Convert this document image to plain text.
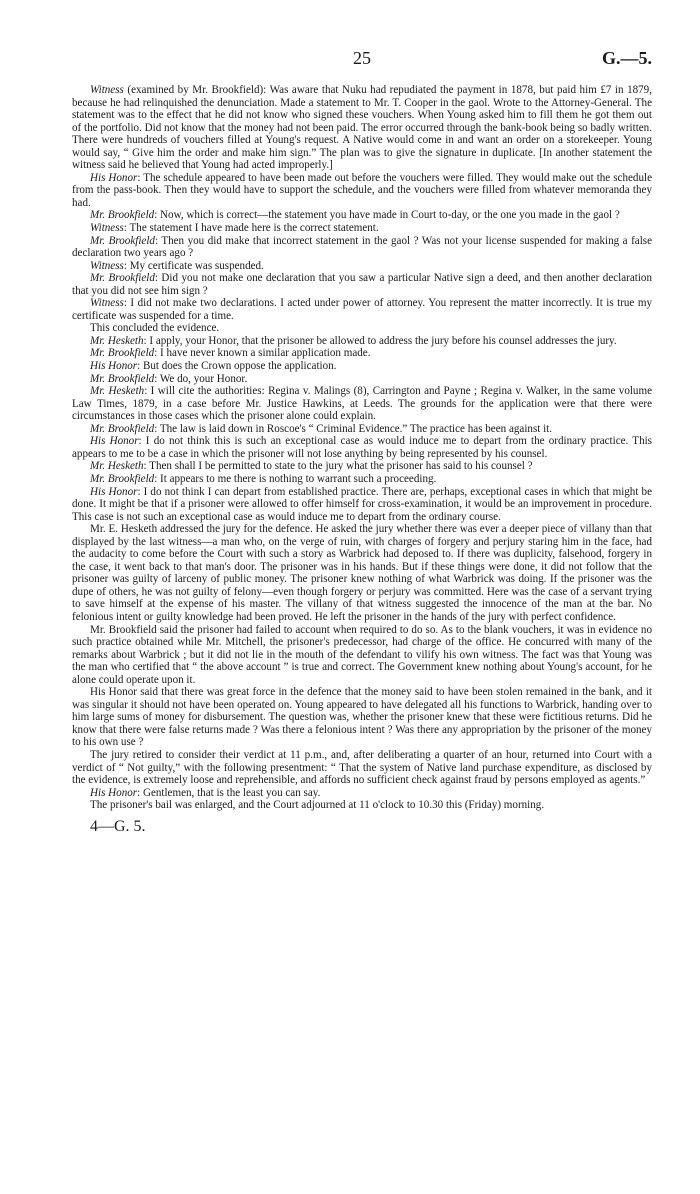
25	G.—5.

Witness (examined by Mr. Brookfield): Was aware that Nuku had repudiated the payment in 1878, but paid him £7 in 1879, because he had relinquished the denunciation. Made a statement to Mr. T. Cooper in the gaol. Wrote to the Attorney-General. The statement was to the effect that he did not know who signed these vouchers. When Young asked him to fill them he got them out of the portfolio. Did not know that the money had not been paid. The error occurred through the bank-book being so badly written. There were hundreds of vouchers filled at Young's request. A Native would come in and want an order on a storekeeper. Young would say, “ Give him the order and make him sign.” The plan was to give the signature in duplicate. [In another statement the witness said he believed that Young had acted improperly.]

His Honor: The schedule appeared to have been made out before the vouchers were filled. They would make out the schedule from the pass-book. Then they would have to support the schedule, and the vouchers were filled from whatever memoranda they had.

Mr. Brookfield: Now, which is correct—the statement you have made in Court to-day, or the one you made in the gaol ?

Witness: The statement I have made here is the correct statement.

Mr. Brookfield: Then you did make that incorrect statement in the gaol ? Was not your license suspended for making a false declaration two years ago ?

Witness: My certificate was suspended.

Mr. Brookfield: Did you not make one declaration that you saw a particular Native sign a deed, and then another declaration that you did not see him sign ?

Witness: I did not make two declarations. I acted under power of attorney. You represent the matter incorrectly. It is true my certificate was suspended for a time.

This concluded the evidence.

Mr. Hesketh: I apply, your Honor, that the prisoner be allowed to address the jury before his counsel addresses the jury.

Mr. Brookfield: I have never known a similar application made.

His Honor: But does the Crown oppose the application.

Mr. Brookfield: We do, your Honor.

Mr. Hesketh: I will cite the authorities: Regina v. Malings (8), Carrington and Payne ; Regina v. Walker, in the same volume Law Times, 1879, in a case before Mr. Justice Hawkins, at Leeds. The grounds for the application were that there were circumstances in those cases which the prisoner alone could explain.

Mr. Brookfield: The law is laid down in Roscoe's “ Criminal Evidence.” The practice has been against it.

His Honor: I do not think this is such an exceptional case as would induce me to depart from the ordinary practice. This appears to me to be a case in which the prisoner will not lose anything by being represented by his counsel.

Mr. Hesketh: Then shall I be permitted to state to the jury what the prisoner has said to his counsel ?

Mr. Brookfield: It appears to me there is nothing to warrant such a proceeding.

His Honor: I do not think I can depart from established practice. There are, perhaps, exceptional cases in which that might be done. It might be that if a prisoner were allowed to offer himself for cross-examination, it would be an improvement in procedure. This case is not such an exceptional case as would induce me to depart from the ordinary course.

Mr. E. Hesketh addressed the jury for the defence. He asked the jury whether there was ever a deeper piece of villany than that displayed by the last witness—a man who, on the verge of ruin, with charges of forgery and perjury staring him in the face, had the audacity to come before the Court with such a story as Warbrick had deposed to. If there was duplicity, falsehood, forgery in the case, it went back to that man's door. The prisoner was in his hands. But if these things were done, it did not follow that the prisoner was guilty of larceny of public money. The prisoner knew nothing of what Warbrick was doing. If the prisoner was the dupe of others, he was not guilty of felony—even though forgery or perjury was committed. Here was the case of a servant trying to save himself at the expense of his master. The villany of that witness suggested the innocence of the man at the bar. No felonious intent or guilty knowledge had been proved. He left the prisoner in the hands of the jury with perfect confidence.

Mr. Brookfield said the prisoner had failed to account when required to do so. As to the blank vouchers, it was in evidence no such practice obtained while Mr. Mitchell, the prisoner's predecessor, had charge of the office. He concurred with many of the remarks about Warbrick ; but it did not lie in the mouth of the defendant to vilify his own witness. The fact was that Young was the man who certified that “ the above account ” is true and correct. The Government knew nothing about Young's account, for he alone could operate upon it.

His Honor said that there was great force in the defence that the money said to have been stolen remained in the bank, and it was singular it should not have been operated on. Young appeared to have delegated all his functions to Warbrick, handing over to him large sums of money for disbursement. The question was, whether the prisoner knew that these were fictitious returns. Did he know that there were false returns made ? Was there a felonious intent ? Was there any appropriation by the prisoner of the money to his own use ?

The jury retired to consider their verdict at 11 p.m., and, after deliberating a quarter of an hour, returned into Court with a verdict of “ Not guilty,” with the following presentment: “ That the system of Native land purchase expenditure, as disclosed by the evidence, is extremely loose and reprehensible, and affords no sufficient check against fraud by persons employed as agents.”

His Honor: Gentlemen, that is the least you can say.

The prisoner's bail was enlarged, and the Court adjourned at 11 o'clock to 10.30 this (Friday) morning.

4—G. 5.
